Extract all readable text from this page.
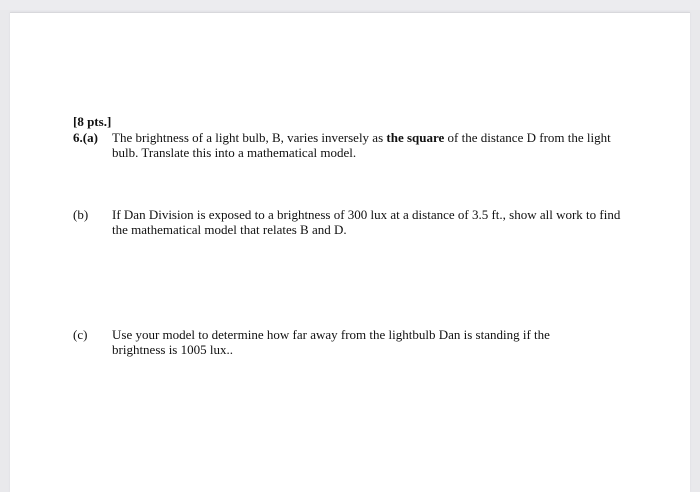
[8 pts.]
6.(a) The brightness of a light bulb, B, varies inversely as the square of the distance D from the light bulb. Translate this into a mathematical model.
(b) If Dan Division is exposed to a brightness of 300 lux at a distance of 3.5 ft., show all work to find the mathematical model that relates B and D.
(c) Use your model to determine how far away from the lightbulb Dan is standing if the brightness is 1005 lux..
